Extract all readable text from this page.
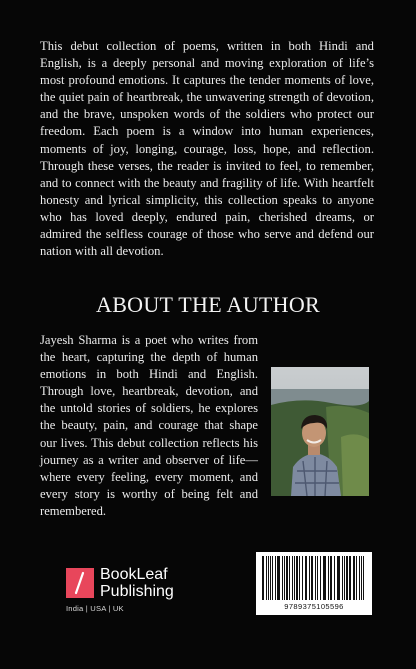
This debut collection of poems, written in both Hindi and English, is a deeply personal and moving exploration of life’s most profound emotions. It captures the tender moments of love, the quiet pain of heartbreak, the unwavering strength of devotion, and the brave, unspoken words of the soldiers who protect our freedom. Each poem is a window into human experiences, moments of joy, longing, courage, loss, hope, and reflection. Through these verses, the reader is invited to feel, to remember, and to connect with the beauty and fragility of life. With heartfelt honesty and lyrical simplicity, this collection speaks to anyone who has loved deeply, endured pain, cherished dreams, or admired the selfless courage of those who serve and defend our nation with all devotion.
ABOUT THE AUTHOR
Jayesh Sharma is a poet who writes from the heart, capturing the depth of human emotions in both Hindi and English. Through love, heartbreak, devotion, and the untold stories of soldiers, he explores the beauty, pain, and courage that shape our lives. This debut collection reflects his journey as a writer and observer of life—where every feeling, every moment, and every story is worthy of being felt and remembered.
BookLeaf
Publishing
India | USA | UK	9789375105596
